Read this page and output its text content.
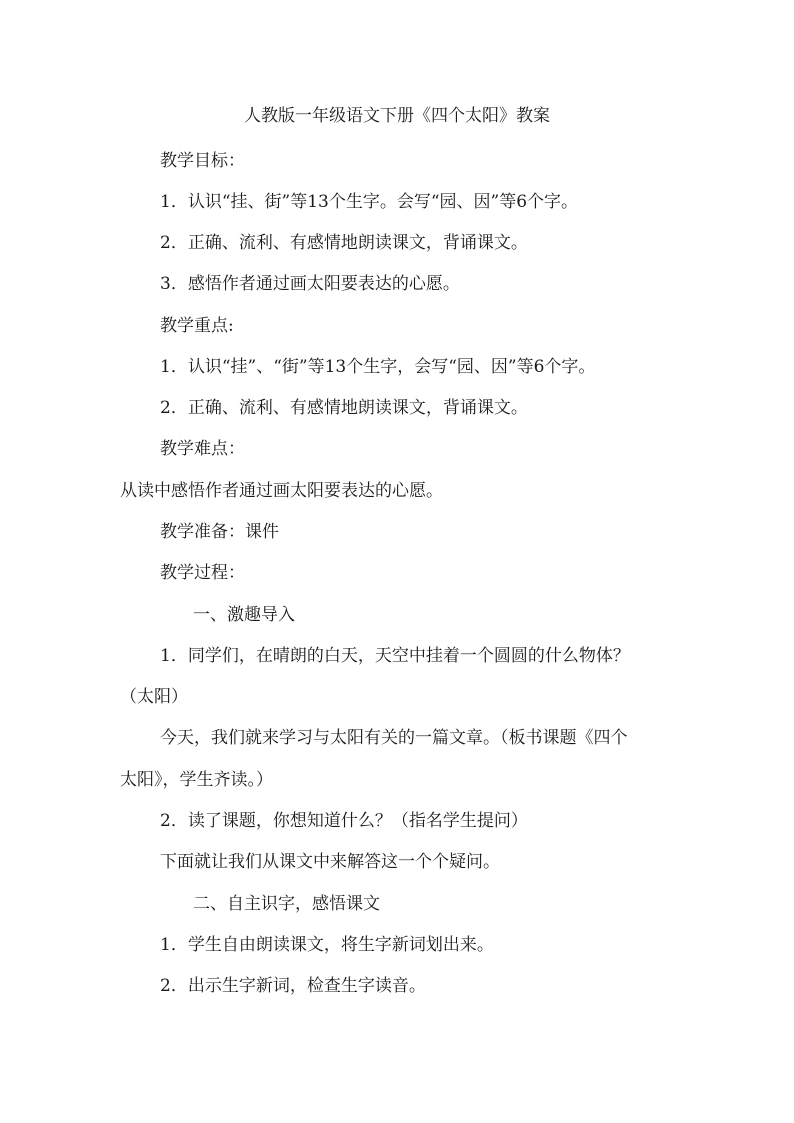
人教版一年级语文下册《四个太阳》教案
教学目标：
1．认识“挂、街”等13个生字。会写“园、因”等6个字。
2．正确、流利、有感情地朗读课文，背诵课文。
3．感悟作者通过画太阳要表达的心愿。
教学重点:
1．认识“挂”、“街”等13个生字，会写“园、因”等6个字。
2．正确、流利、有感情地朗读课文，背诵课文。
教学难点：
从读中感悟作者通过画太阳要表达的心愿。
教学准备：课件
教学过程：
一、激趣导入
1．同学们，在晴朗的白天，天空中挂着一个圆圆的什么物体？
（太阳）
今天，我们就来学习与太阳有关的一篇文章。（板书课题《四个
太阳》，学生齐读。）
2．读了课题，你想知道什么？（指名学生提问）
下面就让我们从课文中来解答这一个个疑问。
二、自主识字，感悟课文
1．学生自由朗读课文，将生字新词划出来。
2．出示生字新词，检查生字读音。
